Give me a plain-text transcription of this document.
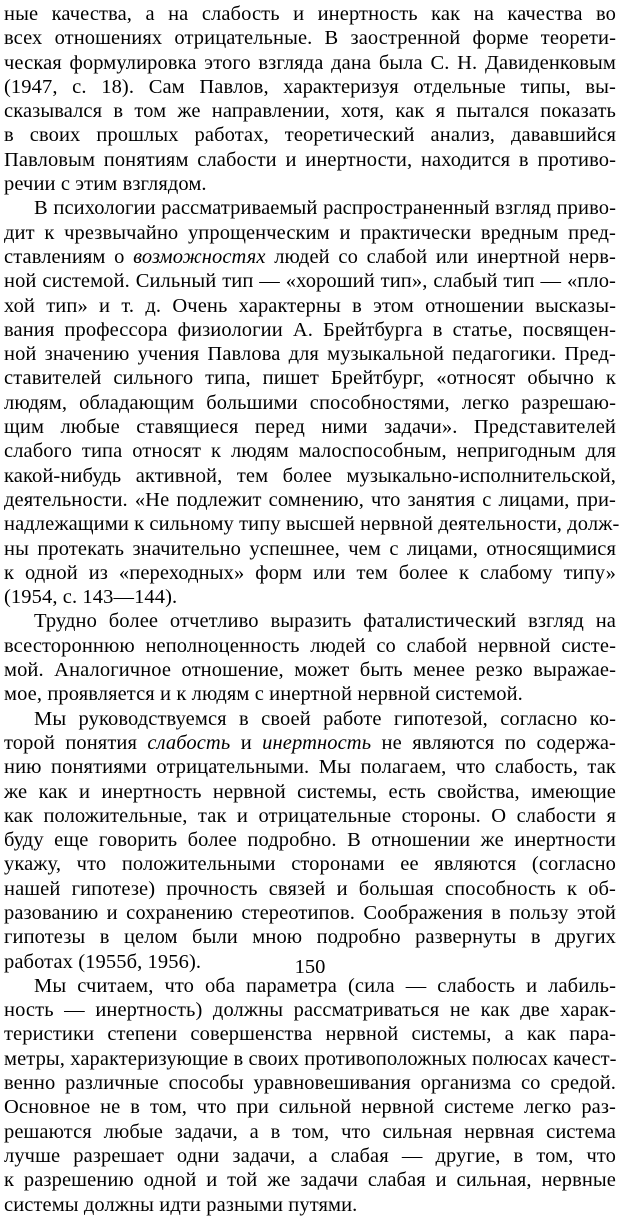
ные качества, а на слабость и инертность как на качества во
всех отношениях отрицательные. В заостренной форме теорети-
ческая формулировка этого взгляда дана была С. Н. Давиденковым
(1947, с. 18). Сам Павлов, характеризуя отдельные типы, вы-
сказывался в том же направлении, хотя, как я пытался показать
в своих прошлых работах, теоретический анализ, дававшийся
Павловым понятиям слабости и инертности, находится в противо-
речии с этим взглядом.
В психологии рассматриваемый распространенный взгляд приво-
дит к чрезвычайно упрощенческим и практически вредным пред-
ставлениям о возможностях людей со слабой или инертной нерв-
ной системой. Сильный тип — «хороший тип», слабый тип — «пло-
хой тип» и т. д. Очень характерны в этом отношении высказы-
вания профессора физиологии А. Брейтбурга в статье, посвящен-
ной значению учения Павлова для музыкальной педагогики. Пред-
ставителей сильного типа, пишет Брейтбург, «относят обычно к
людям, обладающим большими способностями, легко разрешаю-
щим любые ставящиеся перед ними задачи». Представителей
слабого типа относят к людям малоспособным, непригодным для
какой-нибудь активной, тем более музыкально-исполнительской,
деятельности. «Не подлежит сомнению, что занятия с лицами, при-
надлежащими к сильному типу высшей нервной деятельности, долж-
ны протекать значительно успешнее, чем с лицами, относящимися
к одной из «переходных» форм или тем более к слабому типу»
(1954, с. 143—144).
Трудно более отчетливо выразить фаталистический взгляд на
всестороннюю неполноценность людей со слабой нервной систе-
мой. Аналогичное отношение, может быть менее резко выражае-
мое, проявляется и к людям с инертной нервной системой.
Мы руководствуемся в своей работе гипотезой, согласно ко-
торой понятия слабость и инертность не являются по содержа-
нию понятиями отрицательными. Мы полагаем, что слабость, так
же как и инертность нервной системы, есть свойства, имеющие
как положительные, так и отрицательные стороны. О слабости я
буду еще говорить более подробно. В отношении же инертности
укажу, что положительными сторонами ее являются (согласно
нашей гипотезе) прочность связей и большая способность к об-
разованию и сохранению стереотипов. Соображения в пользу этой
гипотезы в целом были мною подробно развернуты в других
работах (1955б, 1956).
Мы считаем, что оба параметра (сила — слабость и лабиль-
ность — инертность) должны рассматриваться не как две харак-
теристики степени совершенства нервной системы, а как пара-
метры, характеризующие в своих противоположных полюсах качест-
венно различные способы уравновешивания организма со средой.
Основное не в том, что при сильной нервной системе легко раз-
решаются любые задачи, а в том, что сильная нервная система
лучше разрешает одни задачи, а слабая — другие, в том, что
к разрешению одной и той же задачи слабая и сильная, нервные
системы должны идти разными путями.
150
